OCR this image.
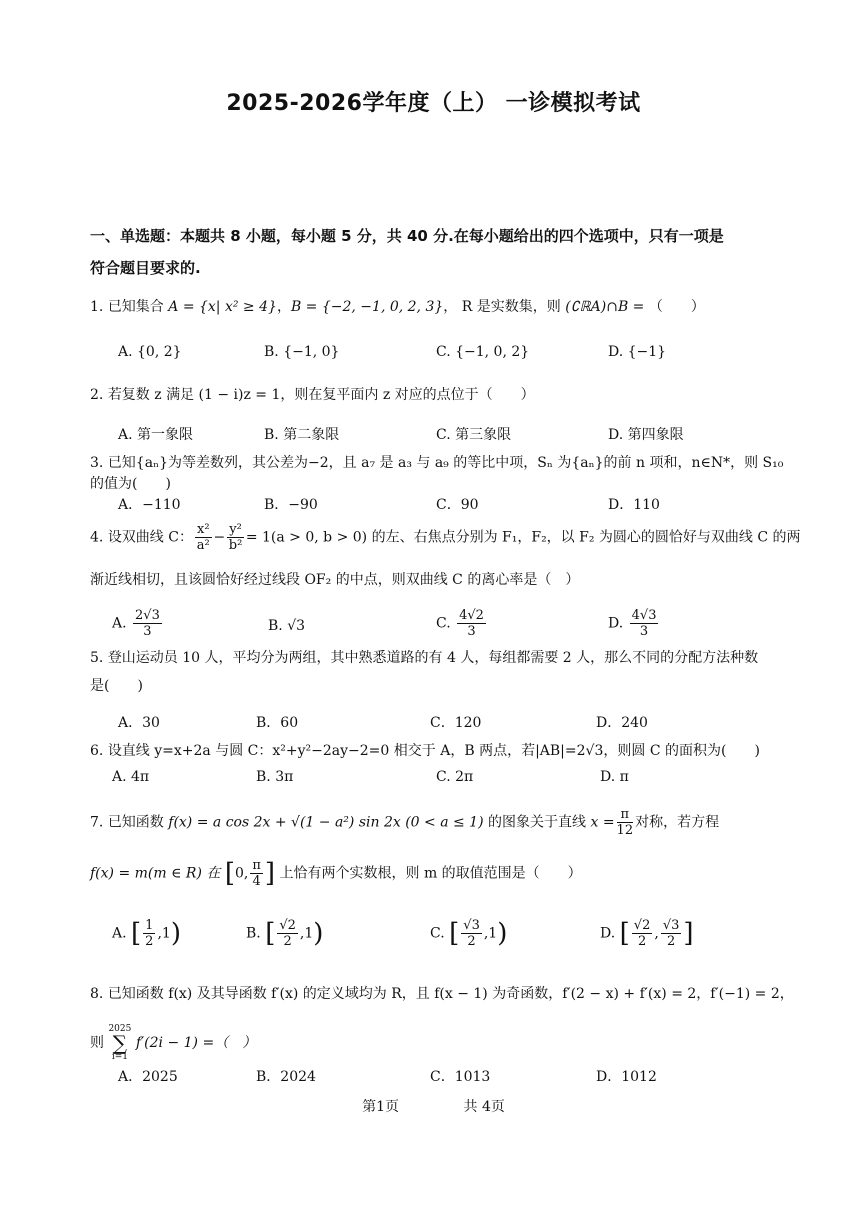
2025-2026学年度（上） 一诊模拟考试
一、单选题：本题共 8 小题，每小题 5 分，共 40 分.在每小题给出的四个选项中，只有一项是
符合题目要求的.
1. 已知集合 A = {x| x² ≥ 4}，B = {−2, −1, 0, 2, 3}， R 是实数集，则 (∁ℝA)∩B = （　　）
A. {0, 2}	B. {−1, 0}	C. {−1, 0, 2}	D. {−1}
2. 若复数 z 满足 (1 − i)z = 1，则在复平面内 z 对应的点位于（　　）
A. 第一象限	B. 第二象限	C. 第三象限	D. 第四象限
3. 已知{aₙ}为等差数列，其公差为−2，且 a₇ 是 a₃ 与 a₉ 的等比中项，Sₙ 为{aₙ}的前 n 项和，n∈N*，则 S₁₀
的值为(　　)
A．−110	B．−90	C．90	D．110
4. 设双曲线 C： $\frac{\text{x²}}{\text{a²}} - \frac{\text{y²}}{\text{b²}} = 1(a > 0$, b > 0) 的左、右焦点分别为 F₁，F₂，以 F₂ 为圆心的圆恰好与双曲线 C 的两
渐近线相切，且该圆恰好经过线段 OF₂ 的中点，则双曲线 C 的离心率是（　）
A. $\frac{2√3}{3}$	B. √3	C. $\frac{4√2}{3}$	D. $\frac{4√3}{3}$
5. 登山运动员 10 人，平均分为两组，其中熟悉道路的有 4 人，每组都需要 2 人，那么不同的分配方法种数
是(　　)
A．30	B．60	C．120	D．240
6. 设直线 y=x+2a 与圆 C：x²+y²−2ay−2=0 相交于 A，B 两点，若|AB|=2√3，则圆 C 的面积为(　　)
A. 4π	B. 3π	C. 2π	D. π
7. 已知函数 f(x) = a cos 2x + √(1 − a²) sin 2x (0 < a ≤ 1) 的图象关于直线 $x = \frac{\pi}{12}$ 对称，若方程
f(x) = m(m ∈ R) 在 [0, $\frac{\pi}{4}$ ] 上恰有两个实数根，则 m 的取值范围是（　　）
A. [ $\frac{1}{2} ,1$)	B. [ $\frac{√2}{2} ,1$)	C. [ $\frac{√3}{2} ,1$)	D. [ $\frac{√2}{2}$ , $\frac{√3}{2}$ ]
8. 已知函数 f(x) 及其导函数 f′(x) 的定义域均为 R，且 f(x − 1) 为奇函数，f′(2 − x) + f′(x) = 2，f′(−1) = 2，
则 2025
∑
i=1 f′(2i − 1) =（　）
A．2025	B．2024	C．1013	D．1012
第1页	共 4页
